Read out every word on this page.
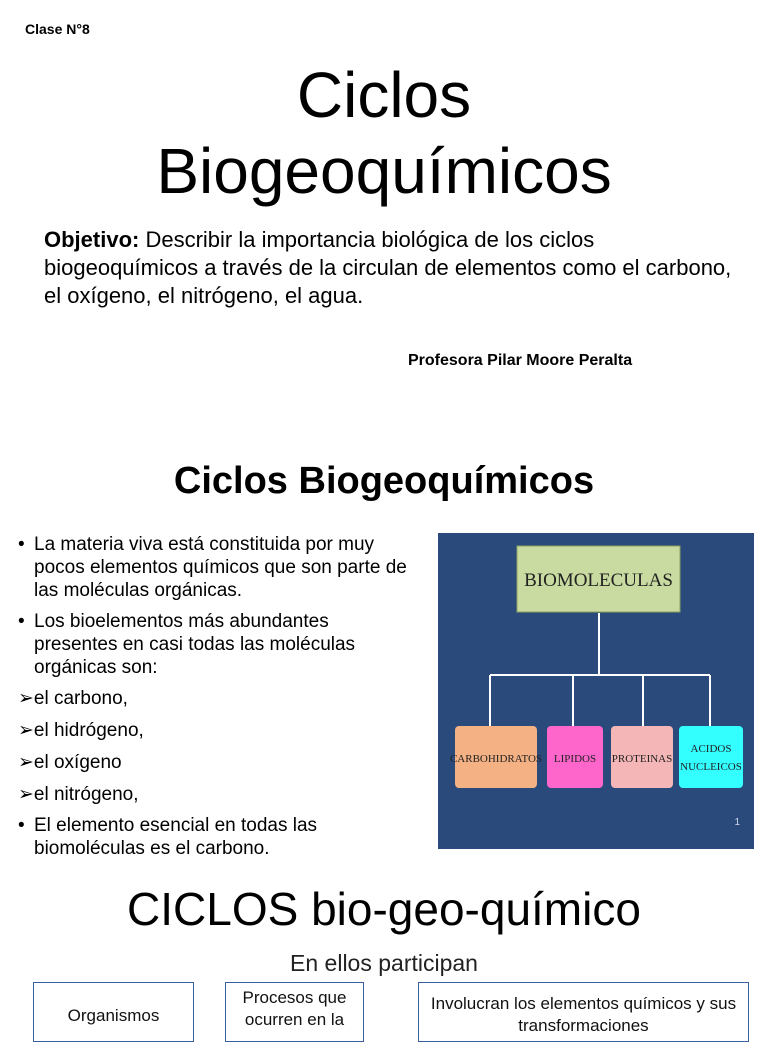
Clase N°8
Ciclos
Biogeoquímicos
Objetivo: Describir la importancia biológica de los ciclos biogeoquímicos a través de la circulan de elementos como el carbono, el oxígeno, el nitrógeno, el agua.
Profesora Pilar Moore Peralta
Ciclos Biogeoquímicos
• La materia viva está constituida por muy pocos elementos químicos que son parte de las moléculas orgánicas.
• Los bioelementos más abundantes presentes en casi todas las moléculas orgánicas son:
➢el carbono,
➢el hidrógeno,
➢el oxígeno
➢el nitrógeno,
• El elemento esencial en todas las biomoléculas es el carbono.
BIOMOLECULAS
CARBOHIDRATOS LIPIDOS PROTEINAS
ACIDOS
NUCLEICOS
1
CICLOS bio-geo-químico
En ellos participan
Organismos
Procesos que ocurren en la
Involucran los elementos químicos y sus transformaciones
